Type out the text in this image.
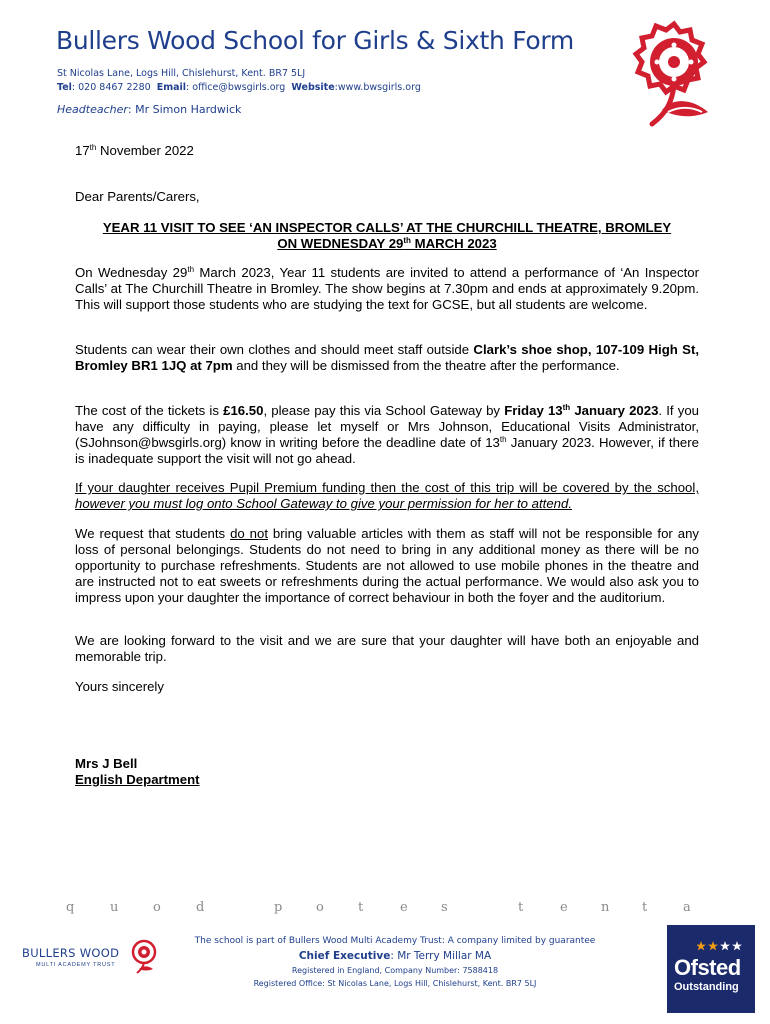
Bullers Wood School for Girls & Sixth Form
St Nicolas Lane, Logs Hill, Chislehurst, Kent. BR7 5LJ
Tel: 020 8467 2280 Email: office@bwsgirls.org Website:www.bwsgirls.org
Headteacher: Mr Simon Hardwick
17th November 2022
Dear Parents/Carers,
YEAR 11 VISIT TO SEE ‘AN INSPECTOR CALLS’ AT THE CHURCHILL THEATRE, BROMLEY
ON WEDNESDAY 29th MARCH 2023
On Wednesday 29th March 2023, Year 11 students are invited to attend a performance of ‘An Inspector Calls’ at The Churchill Theatre in Bromley. The show begins at 7.30pm and ends at approximately 9.20pm. This will support those students who are studying the text for GCSE, but all students are welcome.
Students can wear their own clothes and should meet staff outside Clark’s shoe shop, 107-109 High St, Bromley BR1 1JQ at 7pm and they will be dismissed from the theatre after the performance.
The cost of the tickets is £16.50, please pay this via School Gateway by Friday 13th January 2023. If you have any difficulty in paying, please let myself or Mrs Johnson, Educational Visits Administrator, (SJohnson@bwsgirls.org) know in writing before the deadline date of 13th January 2023. However, if there is inadequate support the visit will not go ahead.
If your daughter receives Pupil Premium funding then the cost of this trip will be covered by the school, however you must log onto School Gateway to give your permission for her to attend.
We request that students do not bring valuable articles with them as staff will not be responsible for any loss of personal belongings. Students do not need to bring in any additional money as there will be no opportunity to purchase refreshments. Students are not allowed to use mobile phones in the theatre and are instructed not to eat sweets or refreshments during the actual performance. We would also ask you to impress upon your daughter the importance of correct behaviour in both the foyer and the auditorium.
We are looking forward to the visit and we are sure that your daughter will have both an enjoyable and memorable trip.
Yours sincerely
Mrs J Bell
English Department
q	u	o	d	p	o	t	e	s	t	e	n	t	a
BULLERS WOOD
MULTI ACADEMY TRUST
The school is part of Bullers Wood Multi Academy Trust: A company limited by guarantee
Chief Executive: Mr Terry Millar MA
Registered in England, Company Number: 7588418
Registered Office: St Nicolas Lane, Logs Hill, Chislehurst, Kent. BR7 5LJ
Ofsted
Outstanding
